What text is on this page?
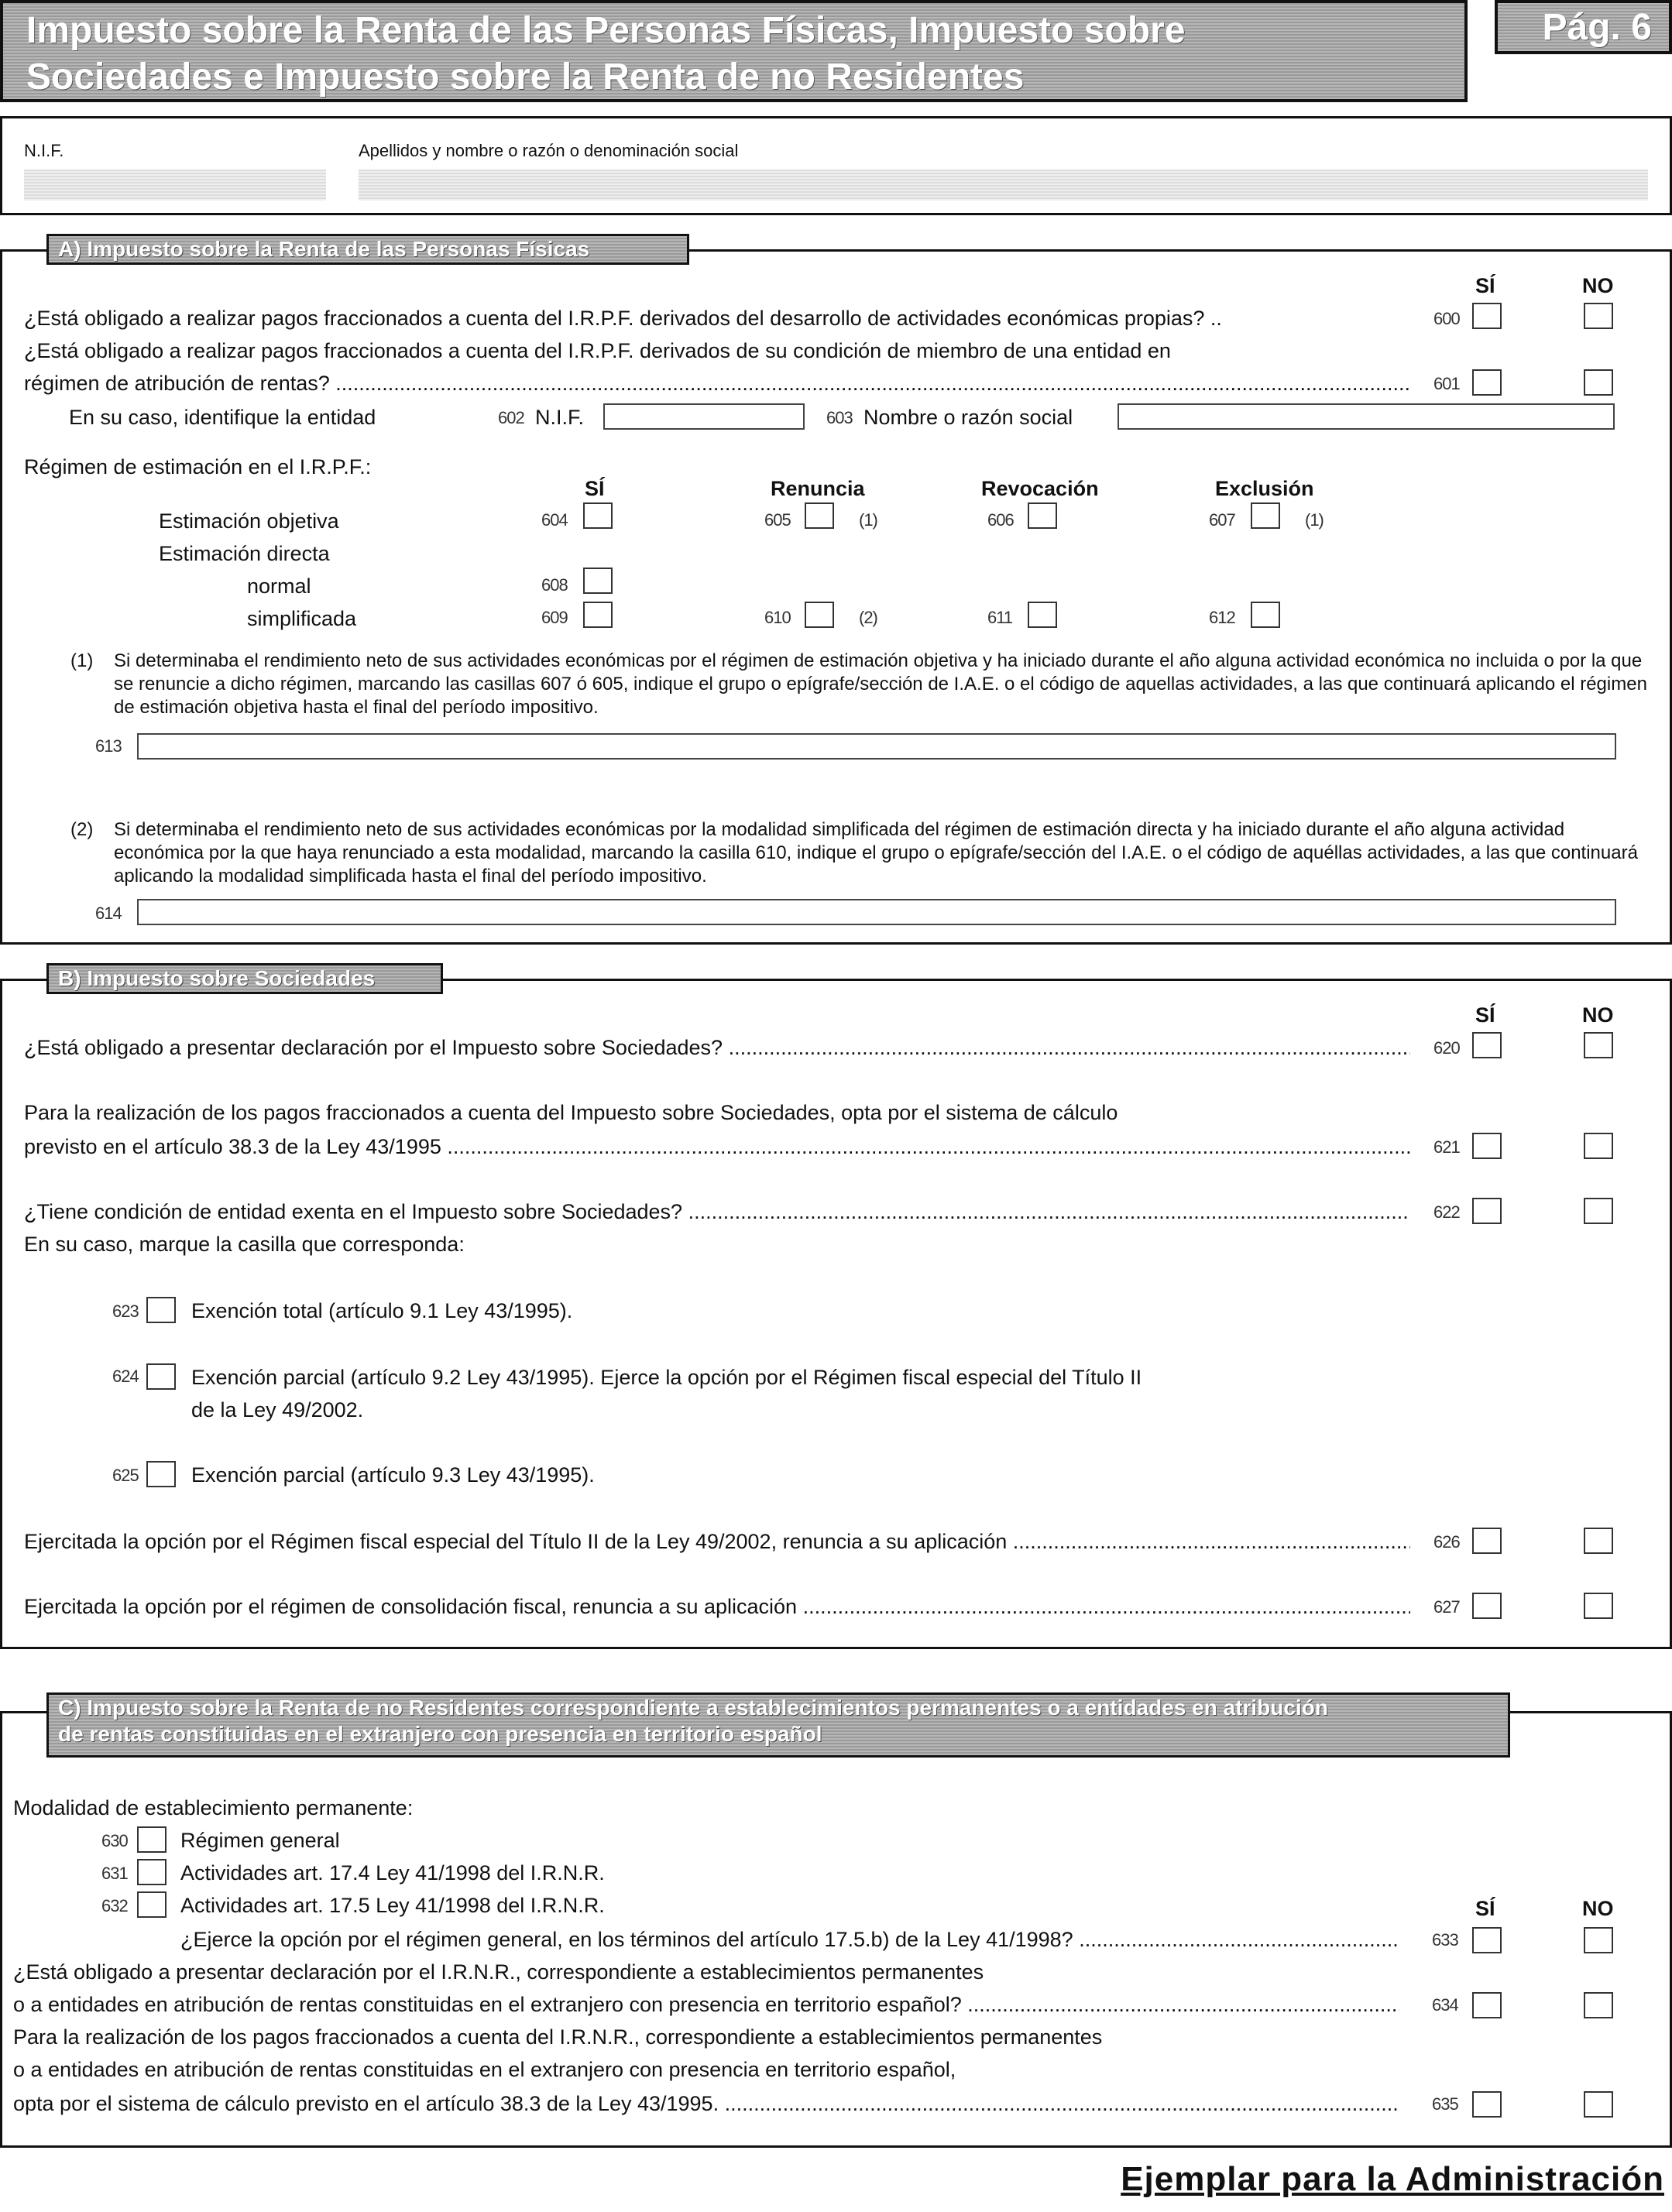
Impuesto sobre la Renta de las Personas Físicas, Impuesto sobre
Sociedades e Impuesto sobre la Renta de no Residentes
Pág. 6
N.I.F.	Apellidos y nombre o razón o denominación social
SÍ	NO
¿Está obligado a realizar pagos fraccionados a cuenta del I.R.P.F. derivados del desarrollo de actividades económicas propias? ..	600
¿Está obligado a realizar pagos fraccionados a cuenta del I.R.P.F. derivados de su condición de miembro de una entidad en
régimen de atribución de rentas? .....	601
En su caso, identifique la entidad	602 N.I.F.	603 Nombre o razón social
Régimen de estimación en el I.R.P.F.:
SÍ	Renuncia	Revocación	Exclusión
Estimación objetiva	604	605	(1)	606	607	(1)
Estimación directa
normal	608
simplificada	609	610	(2)	611	612
(1) Si determinaba el rendimiento neto de sus actividades económicas por el régimen de estimación objetiva y ha iniciado durante el año alguna actividad económica no incluida o por la que se renuncie a dicho régimen, marcando las casillas 607 ó 605, indique el grupo o epígrafe/sección de I.A.E. o el código de aquellas actividades, a las que continuará aplicando el régimen de estimación objetiva hasta el final del período impositivo.
613
(2) Si determinaba el rendimiento neto de sus actividades económicas por la modalidad simplificada del régimen de estimación directa y ha iniciado durante el año alguna actividad económica por la que haya renunciado a esta modalidad, marcando la casilla 610, indique el grupo o epígrafe/sección del I.A.E. o el código de aquéllas actividades, a las que continuará aplicando la modalidad simplificada hasta el final del período impositivo.
614
A) Impuesto sobre la Renta de las Personas Físicas
SÍ	NO
¿Está obligado a presentar declaración por el Impuesto sobre Sociedades? .....	620
Para la realización de los pagos fraccionados a cuenta del Impuesto sobre Sociedades, opta por el sistema de cálculo
previsto en el artículo 38.3 de la Ley 43/1995 .....	621
¿Tiene condición de entidad exenta en el Impuesto sobre Sociedades? .....	622
En su caso, marque la casilla que corresponda:
623	Exención total (artículo 9.1 Ley 43/1995).
624	Exención parcial (artículo 9.2 Ley 43/1995). Ejerce la opción por el Régimen fiscal especial del Título II
de la Ley 49/2002.
625	Exención parcial (artículo 9.3 Ley 43/1995).
Ejercitada la opción por el Régimen fiscal especial del Título II de la Ley 49/2002, renuncia a su aplicación .....	626
Ejercitada la opción por el régimen de consolidación fiscal, renuncia a su aplicación .....	627
B) Impuesto sobre Sociedades
Modalidad de establecimiento permanente:
630	Régimen general
631	Actividades art. 17.4 Ley 41/1998 del I.R.N.R.
632	Actividades art. 17.5 Ley 41/1998 del I.R.N.R.	SÍ	NO
¿Ejerce la opción por el régimen general, en los términos del artículo 17.5.b) de la Ley 41/1998? .....	633
¿Está obligado a presentar declaración por el I.R.N.R., correspondiente a establecimientos permanentes
o a entidades en atribución de rentas constituidas en el extranjero con presencia en territorio español? .....	634
Para la realización de los pagos fraccionados a cuenta del I.R.N.R., correspondiente a establecimientos permanentes
o a entidades en atribución de rentas constituidas en el extranjero con presencia en territorio español,
opta por el sistema de cálculo previsto en el artículo 38.3 de la Ley 43/1995. .....	635
C) Impuesto sobre la Renta de no Residentes correspondiente a establecimientos permanentes o a entidades en atribución
de rentas constituidas en el extranjero con presencia en territorio español
Ejemplar para la Administración
